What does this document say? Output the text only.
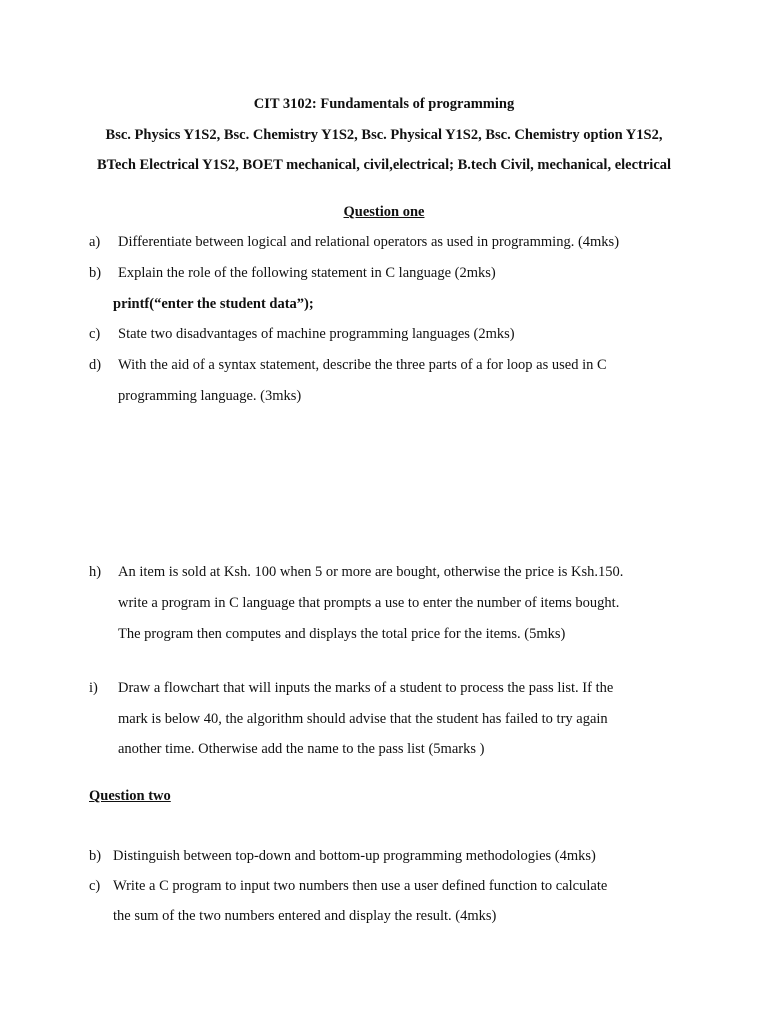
CIT 3102: Fundamentals of programming
Bsc. Physics Y1S2, Bsc. Chemistry Y1S2, Bsc. Physical Y1S2, Bsc. Chemistry option Y1S2,
BTech Electrical Y1S2, BOET mechanical, civil,electrical; B.tech Civil, mechanical, electrical
Question one
a) Differentiate between logical and relational operators as used in programming. (4mks)
b) Explain the role of the following statement in C language (2mks)
printf(“enter the student data”);
c) State two disadvantages of machine programming languages (2mks)
d) With the aid of a syntax statement, describe the three parts of a for loop as used in C
programming language. (3mks)
h) An item is sold at Ksh. 100 when 5 or more are bought, otherwise the price is Ksh.150.
write a program in C language that prompts a use to enter the number of items bought.
The program then computes and displays the total price for the items. (5mks)
i) Draw a flowchart that will inputs the marks of a student to process the pass list. If the
mark is below 40, the algorithm should advise that the student has failed to try again
another time. Otherwise add the name to the pass list (5marks )
Question two
b) Distinguish between top-down and bottom-up programming methodologies (4mks)
c) Write a C program to input two numbers then use a user defined function to calculate
the sum of the two numbers entered and display the result. (4mks)
